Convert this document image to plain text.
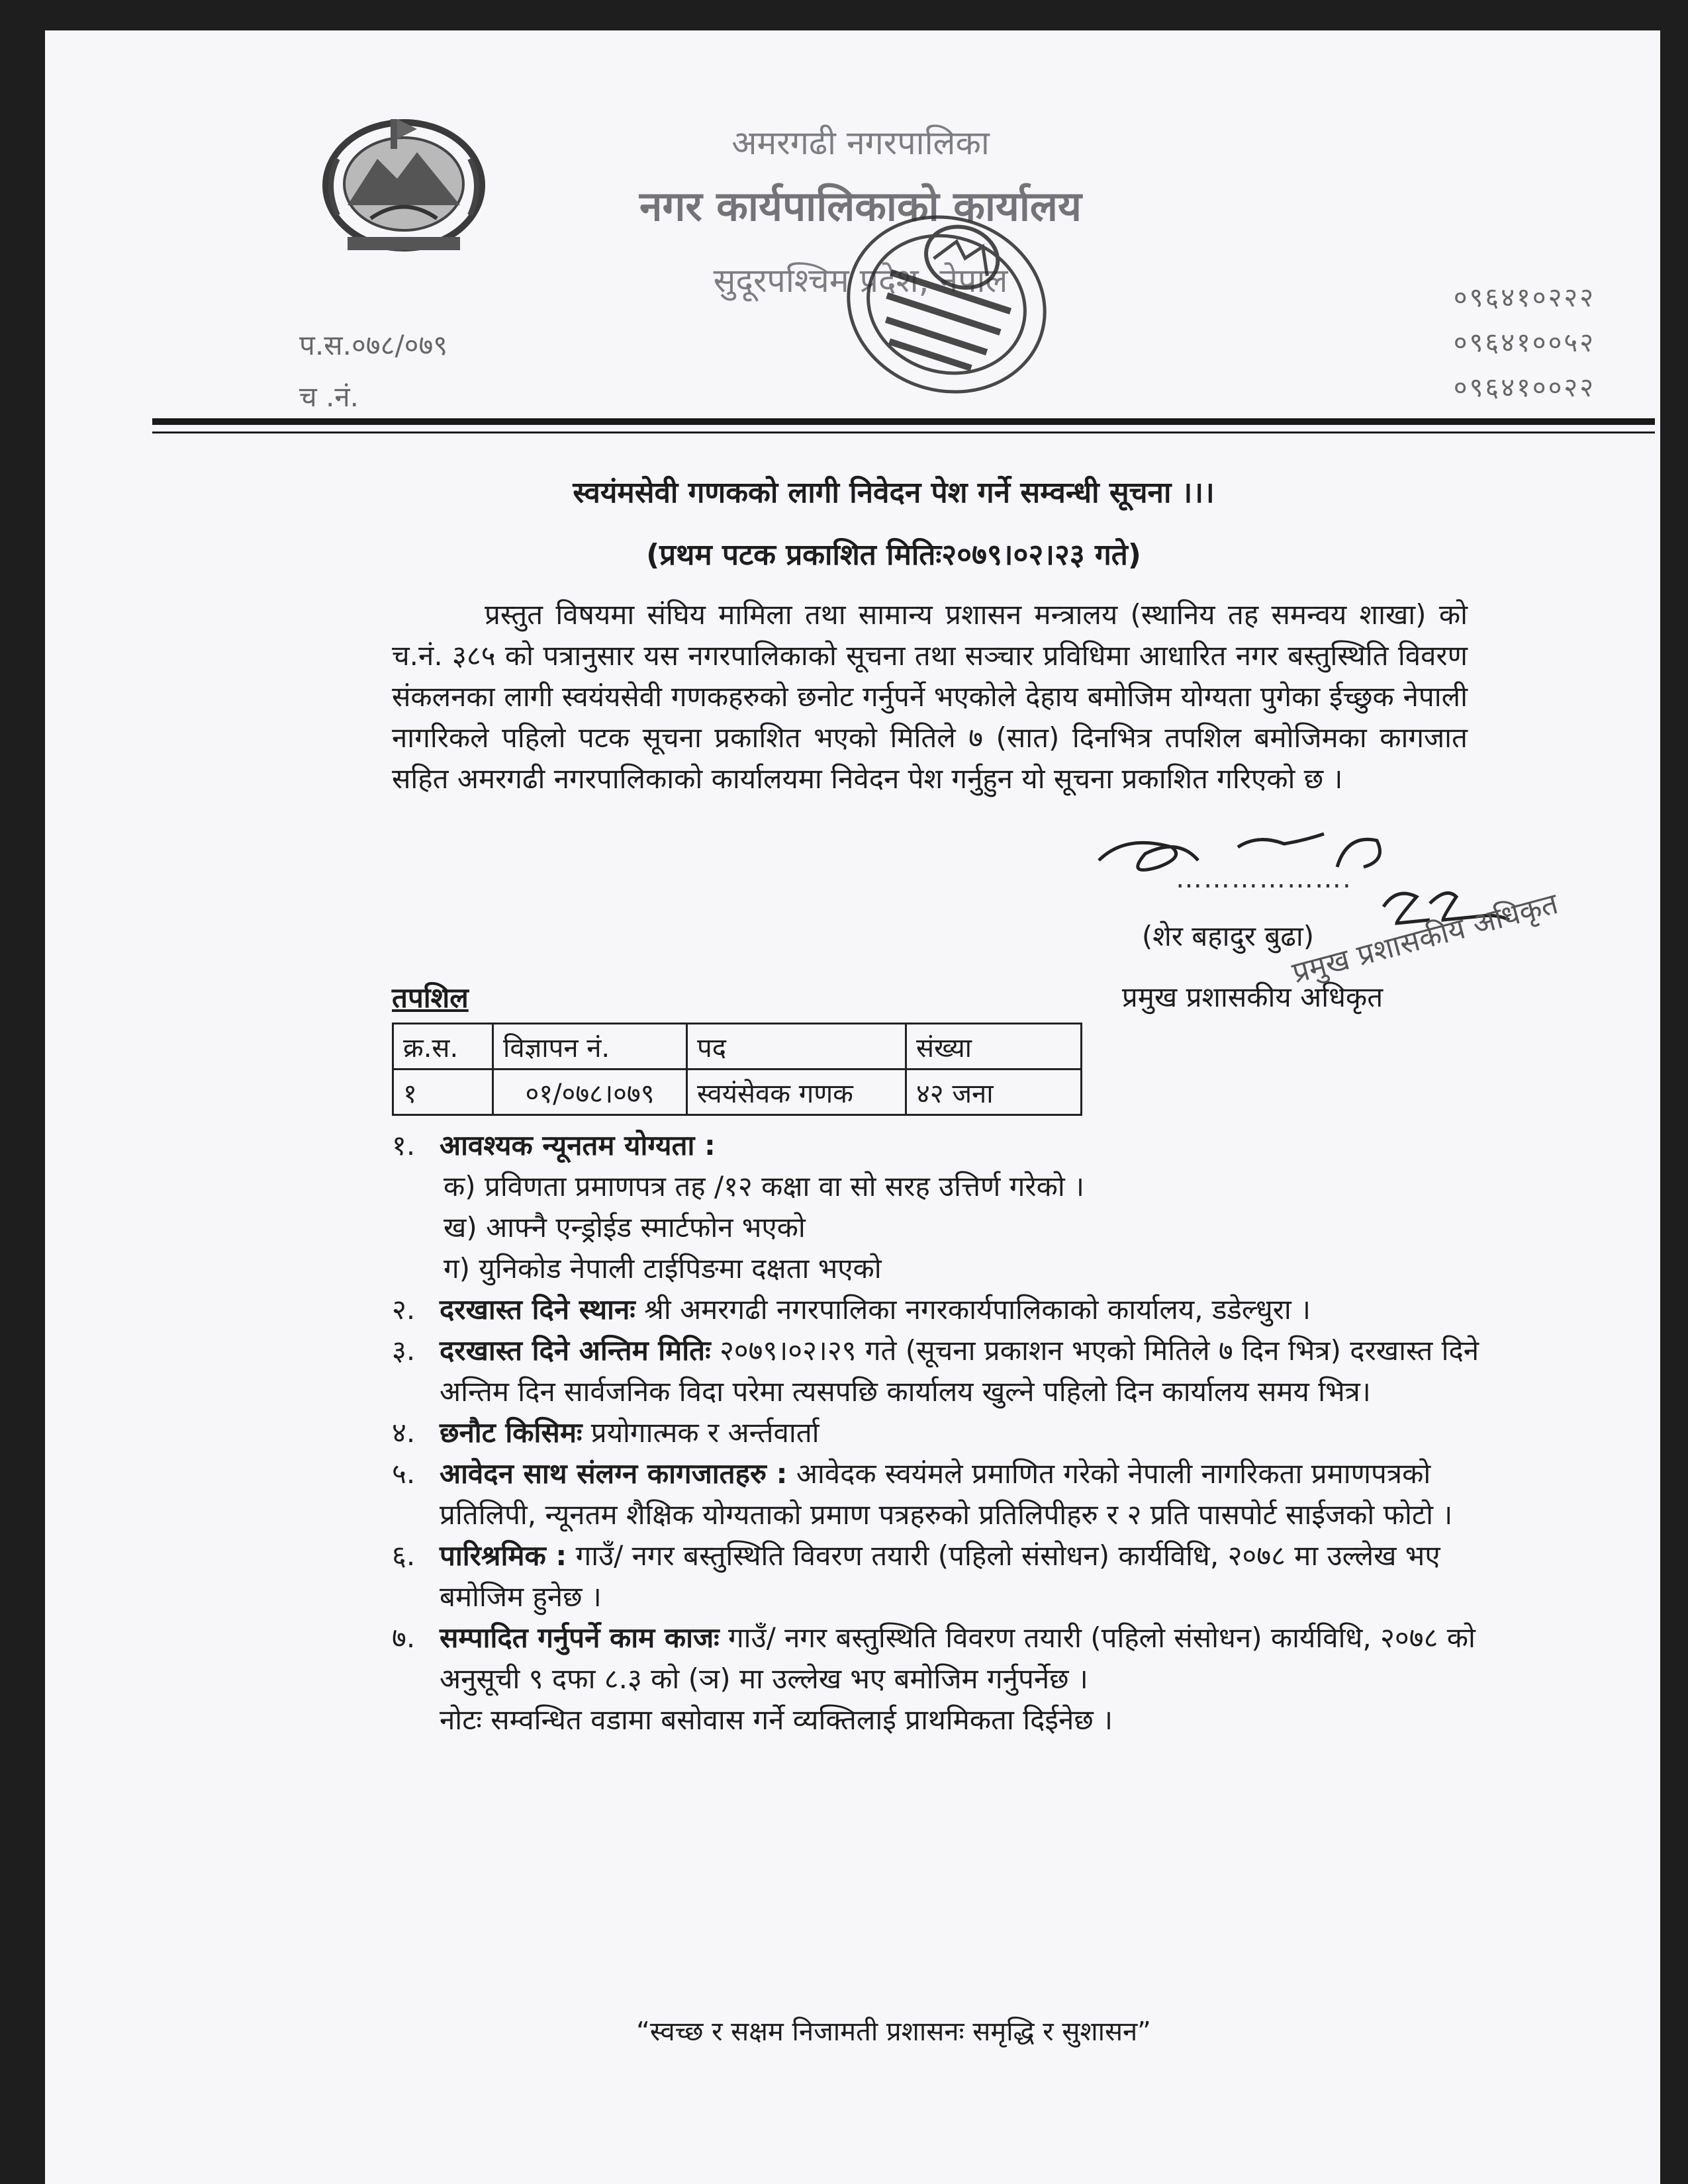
अमरगढी नगरपालिका
नगर कार्यपालिकाको कार्यालय
सुदूरपश्चिम प्रदेश, नेपाल
प.स.०७८/०७९
च .नं.
०९६४१०२२२
०९६४१००५२
०९६४१००२२
स्वयंमसेवी गणकको लागी निवेदन पेश गर्ने सम्वन्धी सूचना ।।।
(प्रथम पटक प्रकाशित मितिः२०७९।०२।२३ गते)
प्रस्तुत विषयमा संघिय मामिला तथा सामान्य प्रशासन मन्त्रालय (स्थानिय तह समन्वय शाखा) को च.नं. ३८५ को पत्रानुसार यस नगरपालिकाको सूचना तथा सञ्चार प्रविधिमा आधारित नगर बस्तुस्थिति विवरण संकलनका लागी स्वयंयसेवी गणकहरुको छनोट गर्नुपर्ने भएकोले देहाय बमोजिम योग्यता पुगेका ईच्छुक नेपाली नागरिकले पहिलो पटक सूचना प्रकाशित भएको मितिले ७ (सात) दिनभित्र तपशिल बमोजिमका कागजात सहित अमरगढी नगरपालिकाको कार्यालयमा निवेदन पेश गर्नुहुन यो सूचना प्रकाशित गरिएको छ ।
……………….
(शेर बहादुर बुढा)
प्रमुख प्रशासकीय अधिकृत
प्रमुख प्रशासकीय अधिकृत
तपशिल
क्र.स.	विज्ञापन नं.	पद	संख्या
१	०१/०७८।०७९	स्वयंसेवक गणक	४२ जना
१. आवश्यक न्यूनतम योग्यता :
क) प्रविणता प्रमाणपत्र तह /१२ कक्षा वा सो सरह उत्तिर्ण गरेको ।
ख) आफ्नै एन्ड्रोईड स्मार्टफोन भएको
ग) युनिकोड नेपाली टाईपिङमा दक्षता भएको
२. दरखास्त दिने स्थानः श्री अमरगढी नगरपालिका नगरकार्यपालिकाको कार्यालय, डडेल्धुरा ।
३. दरखास्त दिने अन्तिम मितिः २०७९।०२।२९ गते (सूचना प्रकाशन भएको मितिले ७ दिन भित्र) दरखास्त दिने अन्तिम दिन सार्वजनिक विदा परेमा त्यसपछि कार्यालय खुल्ने पहिलो दिन कार्यालय समय भित्र।
४. छनौट किसिमः प्रयोगात्मक र अर्न्तवार्ता
५. आवेदन साथ संलग्न कागजातहरु : आवेदक स्वयंमले प्रमाणित गरेको नेपाली नागरिकता प्रमाणपत्रको प्रतिलिपी, न्यूनतम शैक्षिक योग्यताको प्रमाण पत्रहरुको प्रतिलिपीहरु र २ प्रति पासपोर्ट साईजको फोटो ।
६. पारिश्रमिक : गाउँ/ नगर बस्तुस्थिति विवरण तयारी (पहिलो संसोधन) कार्यविधि, २०७८ मा उल्लेख भए बमोजिम हुनेछ ।
७. सम्पादित गर्नुपर्ने काम काजः गाउँ/ नगर बस्तुस्थिति विवरण तयारी (पहिलो संसोधन) कार्यविधि, २०७८ को अनुसूची ९ दफा ८.३ को (ञ) मा उल्लेख भए बमोजिम गर्नुपर्नेछ ।
नोटः सम्वन्धित वडामा बसोवास गर्ने व्यक्तिलाई प्राथमिकता दिईनेछ ।
“स्वच्छ र सक्षम निजामती प्रशासनः समृद्धि र सुशासन”
